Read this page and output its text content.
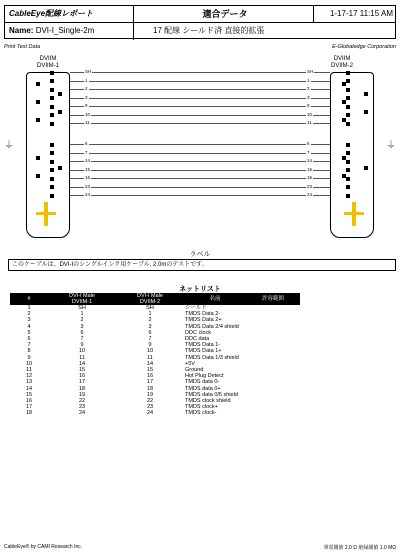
CableEye配線レポート	適合データ	1-17-17 11:15 AM
Name: DVI-I_Single-2m	17 配線 シールド済 直接的拡張
Print Test Data	E-Globaledge Corporation
DVIIM
DVIIM-1
DVIIM
DVIIM-2
⏚	⏚
SH	SH
1	1
2	2
3	3
9	9
10	10
11	11
6	6
7	7
14	14
15	15
16	16
23	23
24	24
ラベル
このケーブルは、DVI-Iのシングルインク用ケーブル, 2.0mのテストです。
ネットリスト
#	DVI-I Male	DVI-I Male	名前	許容範囲
	DVIIM-1	DVIIM-2		
1	SH	SH	シールド	
2	1	1	TMDS Data 2-	
3	2	2	TMDS Data 2+	
4	3	3	TMDS Data 2/4 shield	
5	6	6	DDC clock	
6	7	7	DDC data	
7	9	9	TMDS Data 1-	
8	10	10	TMDS Data 1+	
9	11	11	TMDS Data 1/3 shield	
10	14	14	+5V	
11	15	15	Ground	
12	16	16	Hot Plug Detect	
13	17	17	TMDS data 0-	
14	18	18	TMDS data 0+	
15	19	19	TMDS data 0/5 shield	
16	22	22	TMDS clock shield	
17	23	23	TMDS clock+	
18	24	24	TMDS clock-	
CableEye® by CAMI Research Inc.	導電閾値 2.0 Ω 絶縁閾値 1.0 MΩ
